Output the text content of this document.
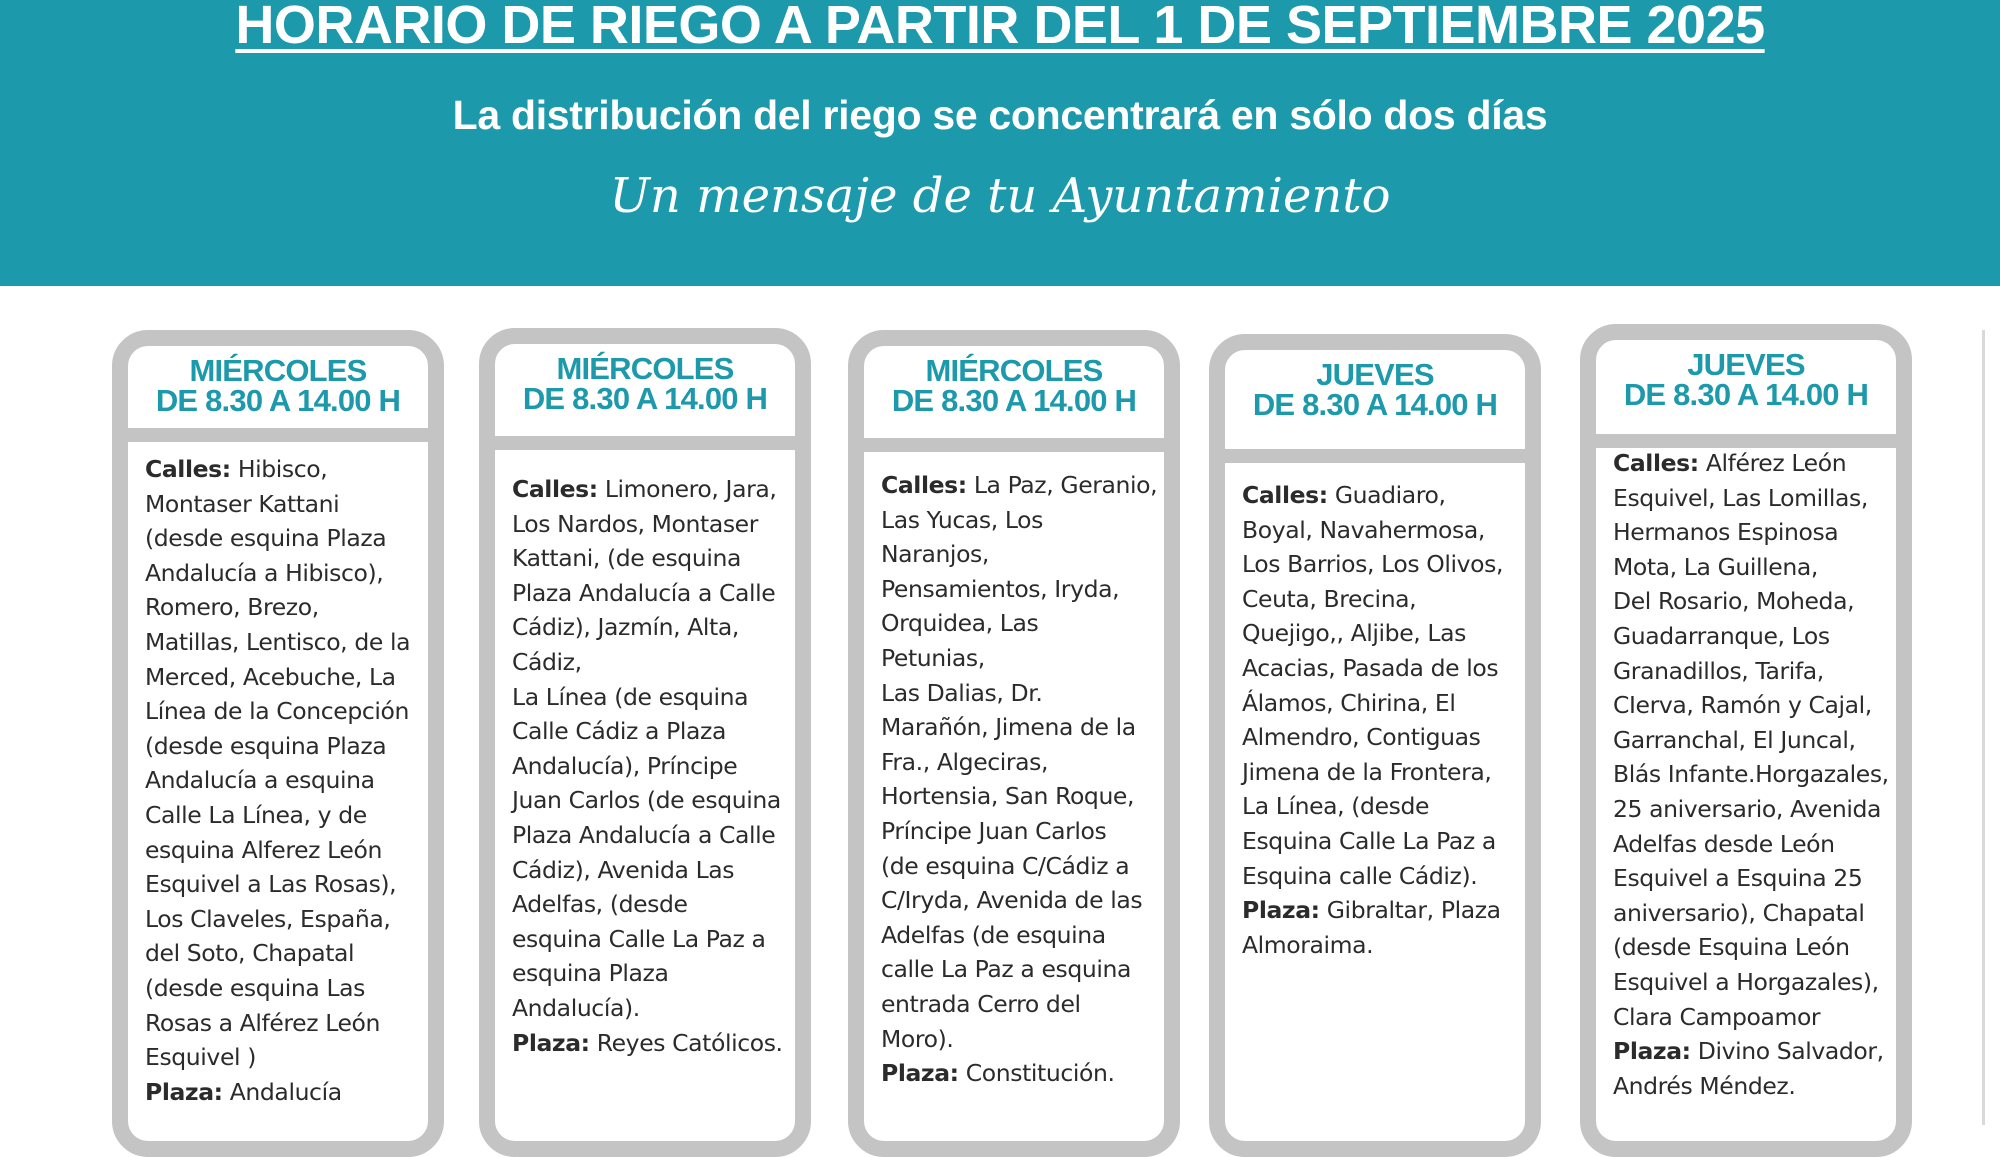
HORARIO DE RIEGO A PARTIR DEL 1 DE SEPTIEMBRE 2025
La distribución del riego se concentrará en sólo dos días
Un mensaje de tu Ayuntamiento
MIÉRCOLES
DE 8.30 A 14.00 H
Calles: Hibisco,
Montaser Kattani
(desde esquina Plaza
Andalucía a Hibisco),
Romero, Brezo,
Matillas, Lentisco, de la
Merced, Acebuche, La
Línea de la Concepción
(desde esquina Plaza
Andalucía a esquina
Calle La Línea, y de
esquina Alferez León
Esquivel a Las Rosas),
Los Claveles, España,
del Soto, Chapatal
(desde esquina Las
Rosas a Alférez León
Esquivel )
Plaza: Andalucía
MIÉRCOLES
DE 8.30 A 14.00 H
Calles: Limonero, Jara,
Los Nardos, Montaser
Kattani, (de esquina
Plaza Andalucía a Calle
Cádiz), Jazmín, Alta,
Cádiz,
La Línea (de esquina
Calle Cádiz a Plaza
Andalucía), Príncipe
Juan Carlos (de esquina
Plaza Andalucía a Calle
Cádiz), Avenida Las
Adelfas, (desde
esquina Calle La Paz a
esquina Plaza
Andalucía).
Plaza: Reyes Católicos.
MIÉRCOLES
DE 8.30 A 14.00 H
Calles: La Paz, Geranio,
Las Yucas, Los
Naranjos,
Pensamientos, Iryda,
Orquidea, Las
Petunias,
Las Dalias, Dr.
Marañón, Jimena de la
Fra., Algeciras,
Hortensia, San Roque,
Príncipe Juan Carlos
(de esquina C/Cádiz a
C/Iryda, Avenida de las
Adelfas (de esquina
calle La Paz a esquina
entrada Cerro del
Moro).
Plaza: Constitución.
JUEVES
DE 8.30 A 14.00 H
Calles: Guadiaro,
Boyal, Navahermosa,
Los Barrios, Los Olivos,
Ceuta, Brecina,
Quejigo,, Aljibe, Las
Acacias, Pasada de los
Álamos, Chirina, El
Almendro, Contiguas
Jimena de la Frontera,
La Línea, (desde
Esquina Calle La Paz a
Esquina calle Cádiz).
Plaza: Gibraltar, Plaza
Almoraima.
JUEVES
DE 8.30 A 14.00 H
Calles: Alférez León
Esquivel, Las Lomillas,
Hermanos Espinosa
Mota, La Guillena,
Del Rosario, Moheda,
Guadarranque, Los
Granadillos, Tarifa,
CIerva, Ramón y Cajal,
Garranchal, El Juncal,
Blás Infante.Horgazales,
25 aniversario, Avenida
Adelfas desde León
Esquivel a Esquina 25
aniversario), Chapatal
(desde Esquina León
Esquivel a Horgazales),
Clara Campoamor
Plaza: Divino Salvador,
Andrés Méndez.
